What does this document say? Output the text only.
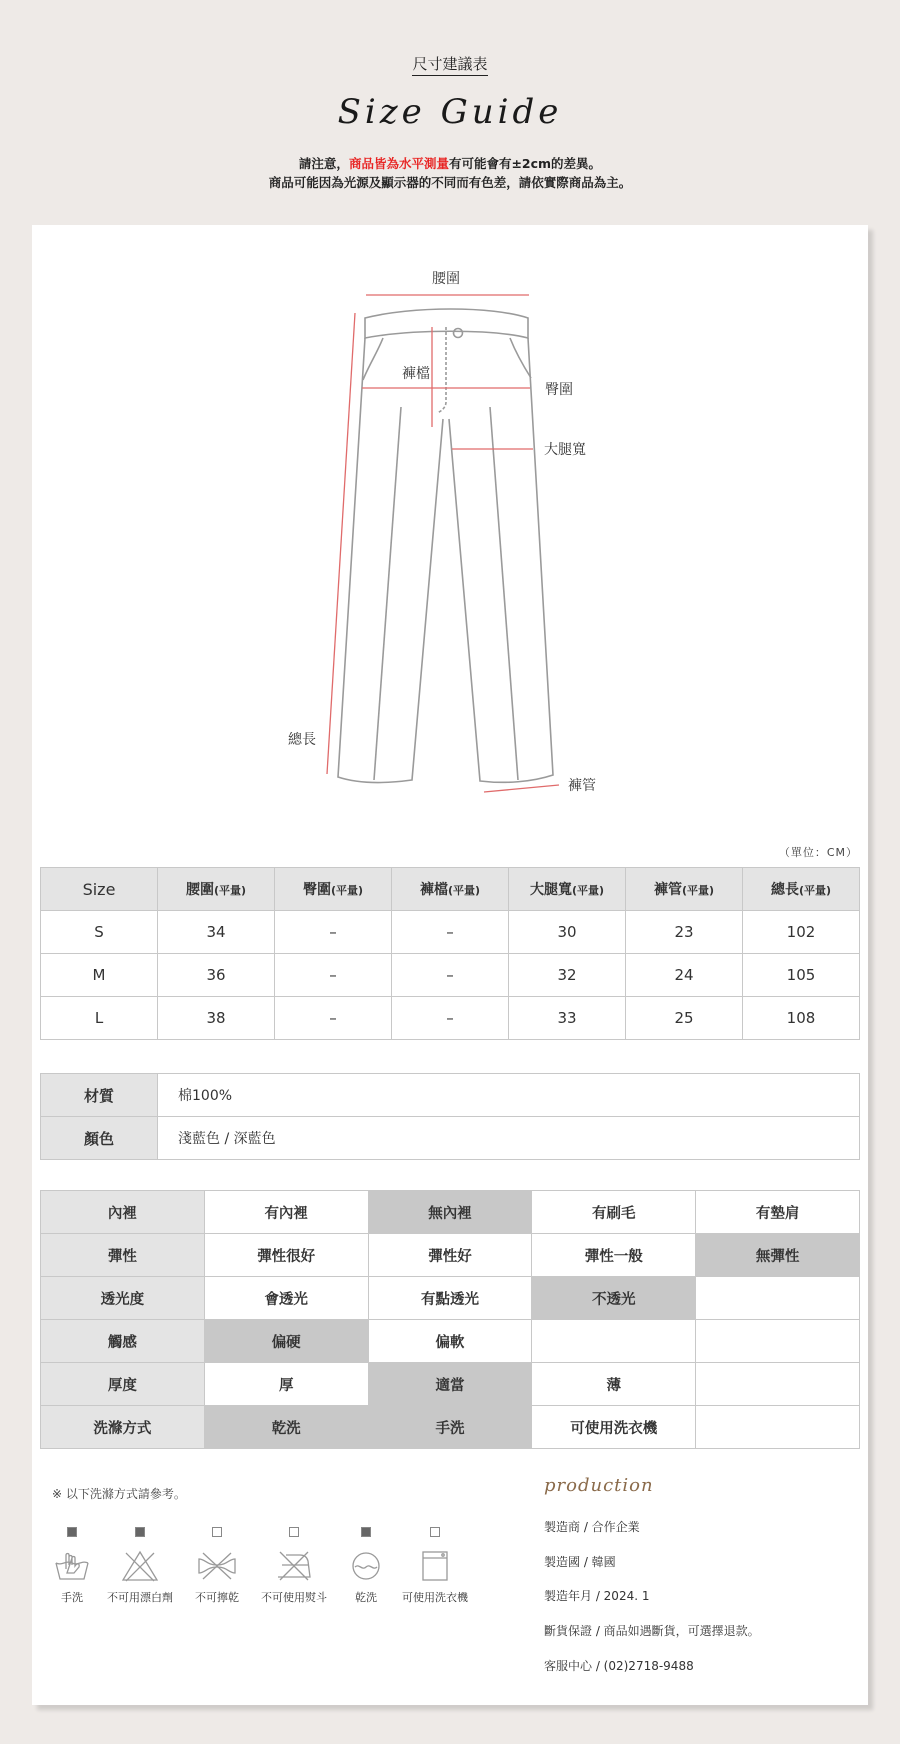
尺寸建議表
Size Guide
請注意，商品皆為水平測量有可能會有±2cm的差異。
商品可能因為光源及顯示器的不同而有色差，請依實際商品為主。
腰圍
褲檔
臀圍
大腿寬
總長
褲管
（單位：CM）
Size	腰圍(平量)	臀圍(平量)	褲檔(平量)	大腿寬(平量)	褲管(平量)	總長(平量)
S	34	–	–	30	23	102
M	36	–	–	32	24	105
L	38	–	–	33	25	108
材質	棉100%
顏色	淺藍色 / 深藍色
內裡	有內裡	無內裡	有刷毛	有墊肩
彈性	彈性很好	彈性好	彈性一般	無彈性
透光度	會透光	有點透光	不透光	
觸感	偏硬	偏軟		
厚度	厚	適當	薄	
洗滌方式	乾洗	手洗	可使用洗衣機	
※ 以下洗滌方式請參考。
手洗	不可用漂白劑	不可擰乾	不可使用熨斗	乾洗	可使用洗衣機
production
製造商 / 合作企業
製造國 / 韓國
製造年月 / 2024. 1
斷貨保證 / 商品如遇斷貨，可選擇退款。
客服中心 / (02)2718-9488
